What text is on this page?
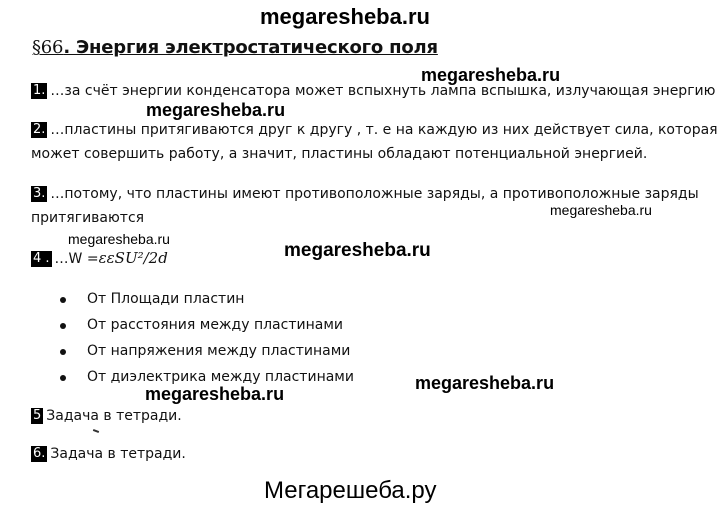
megaresheba.ru
§66. Энергия электростатического поля
megaresheba.ru
1. …за счёт энергии конденсатора может вспыхнуть лампа вспышка, излучающая энергию
megaresheba.ru
2. …пластины притягиваются друг к другу , т. е на каждую из них действует сила, которая
может совершить работу, а значит, пластины обладают потенциальной энергией.
3. …потому, что пластины имеют противоположные заряды, а противоположные заряды
притягиваются	megaresheba.ru
megaresheba.ru
megaresheba.ru
4 . …W =εεSU²/2d
От Площади пластин
От расстояния между пластинами
От напряжения между пластинами
От диэлектрика между пластинами	megaresheba.ru
megaresheba.ru
5 Задача в тетради.
6. Задача в тетради.
Мегарешеба.ру
